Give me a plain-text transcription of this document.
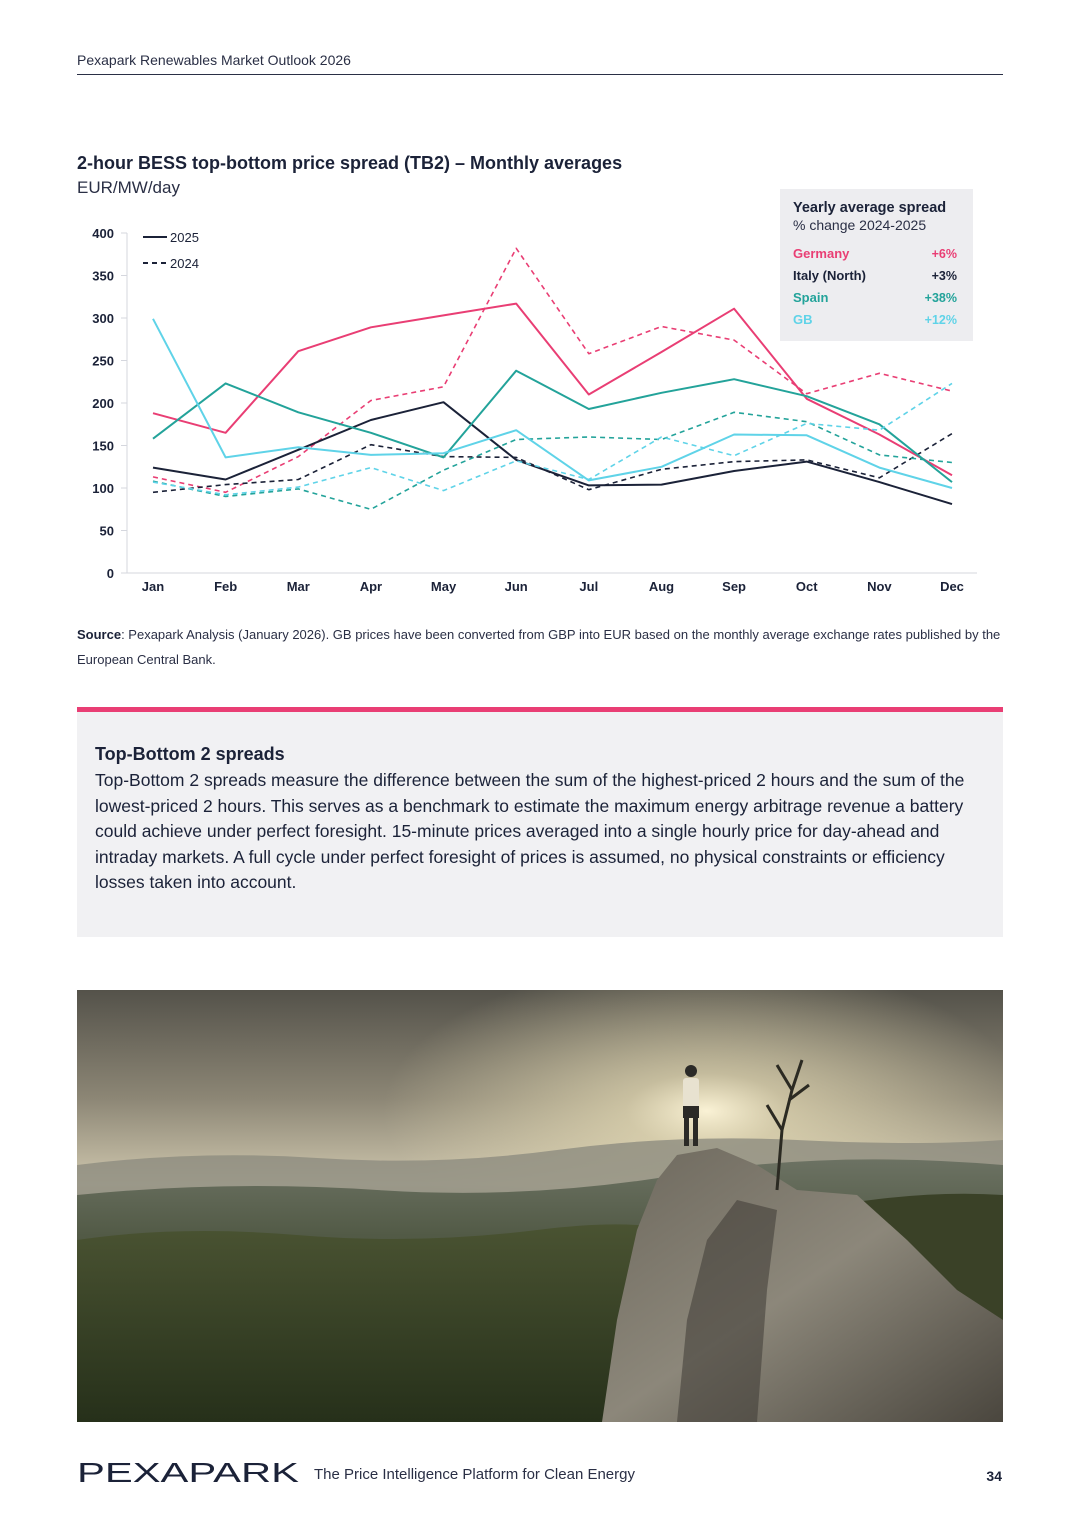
Pexapark Renewables Market Outlook 2026
2-hour BESS top-bottom price spread (TB2) – Monthly averages
EUR/MW/day
0
50
100
150
200
250
300
350
400
Jan	Feb	Mar	Apr	May	Jun	Jul	Aug	Sep	Oct	Nov	Dec
2025
2024
Yearly average spread
% change 2024-2025
Germany	+6%
Italy (North)	+3%
Spain	+38%
GB	+12%
Source: Pexapark Analysis (January 2026). GB prices have been converted from GBP into EUR based on the monthly average exchange rates published by the European Central Bank.
Top-Bottom 2 spreads
Top-Bottom 2 spreads measure the difference between the sum of the highest-priced 2 hours and the sum of the lowest-priced 2 hours. This serves as a benchmark to estimate the maximum energy arbitrage revenue a battery could achieve under perfect foresight. 15-minute prices averaged into a single hourly price for day-ahead and intraday markets. A full cycle under perfect foresight of prices is assumed, no physical constraints or efficiency losses taken into account.
PEXAPARK The Price Intelligence Platform for Clean Energy	34
